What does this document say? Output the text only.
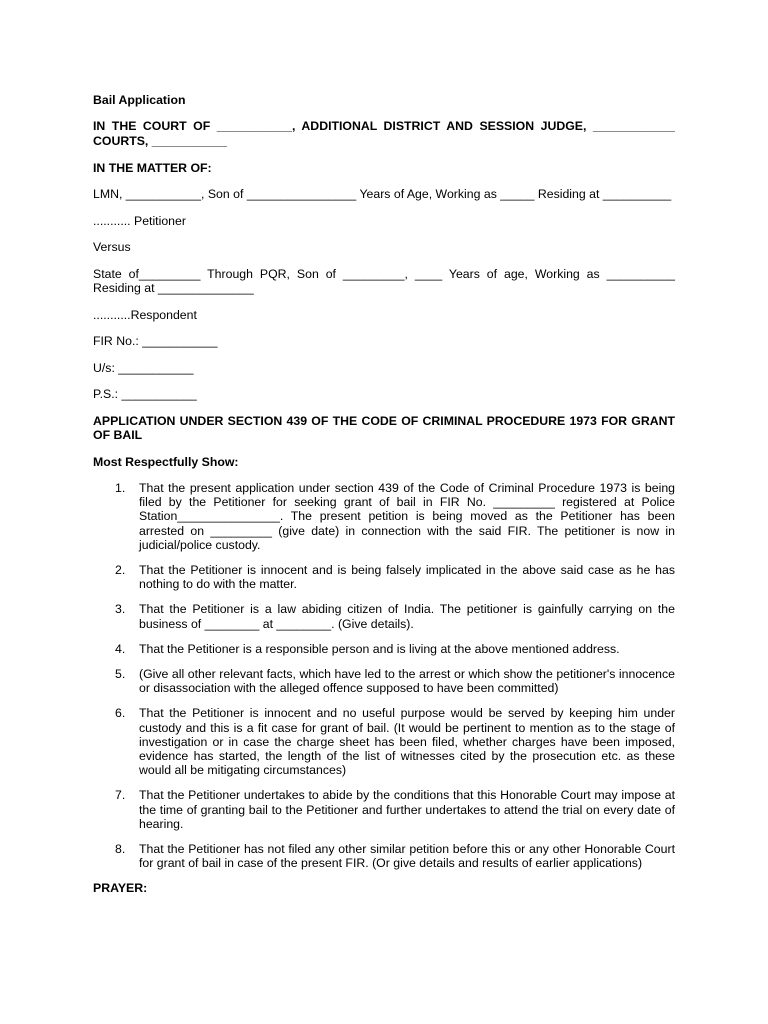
Bail Application
IN THE COURT OF ___________, ADDITIONAL DISTRICT AND SESSION JUDGE, ____________ COURTS, ___________
IN THE MATTER OF:
LMN, ___________, Son of ________________ Years of Age, Working as _____ Residing at __________
........... Petitioner
Versus
State of_________ Through PQR, Son of _________, ____ Years of age, Working as __________ Residing at ______________
...........Respondent
FIR No.: ___________
U/s: ___________
P.S.: ___________
APPLICATION UNDER SECTION 439 OF THE CODE OF CRIMINAL PROCEDURE 1973 FOR GRANT OF BAIL
Most Respectfully Show:
1. That the present application under section 439 of the Code of Criminal Procedure 1973 is being filed by the Petitioner for seeking grant of bail in FIR No. _________ registered at Police Station_______________. The present petition is being moved as the Petitioner has been arrested on _________ (give date) in connection with the said FIR. The petitioner is now in judicial/police custody.
2. That the Petitioner is innocent and is being falsely implicated in the above said case as he has nothing to do with the matter.
3. That the Petitioner is a law abiding citizen of India. The petitioner is gainfully carrying on the business of ________ at ________. (Give details).
4. That the Petitioner is a responsible person and is living at the above mentioned address.
5. (Give all other relevant facts, which have led to the arrest or which show the petitioner's innocence or disassociation with the alleged offence supposed to have been committed)
6. That the Petitioner is innocent and no useful purpose would be served by keeping him under custody and this is a fit case for grant of bail. (It would be pertinent to mention as to the stage of investigation or in case the charge sheet has been filed, whether charges have been imposed, evidence has started, the length of the list of witnesses cited by the prosecution etc. as these would all be mitigating circumstances)
7. That the Petitioner undertakes to abide by the conditions that this Honorable Court may impose at the time of granting bail to the Petitioner and further undertakes to attend the trial on every date of hearing.
8. That the Petitioner has not filed any other similar petition before this or any other Honorable Court for grant of bail in case of the present FIR. (Or give details and results of earlier applications)
PRAYER:
